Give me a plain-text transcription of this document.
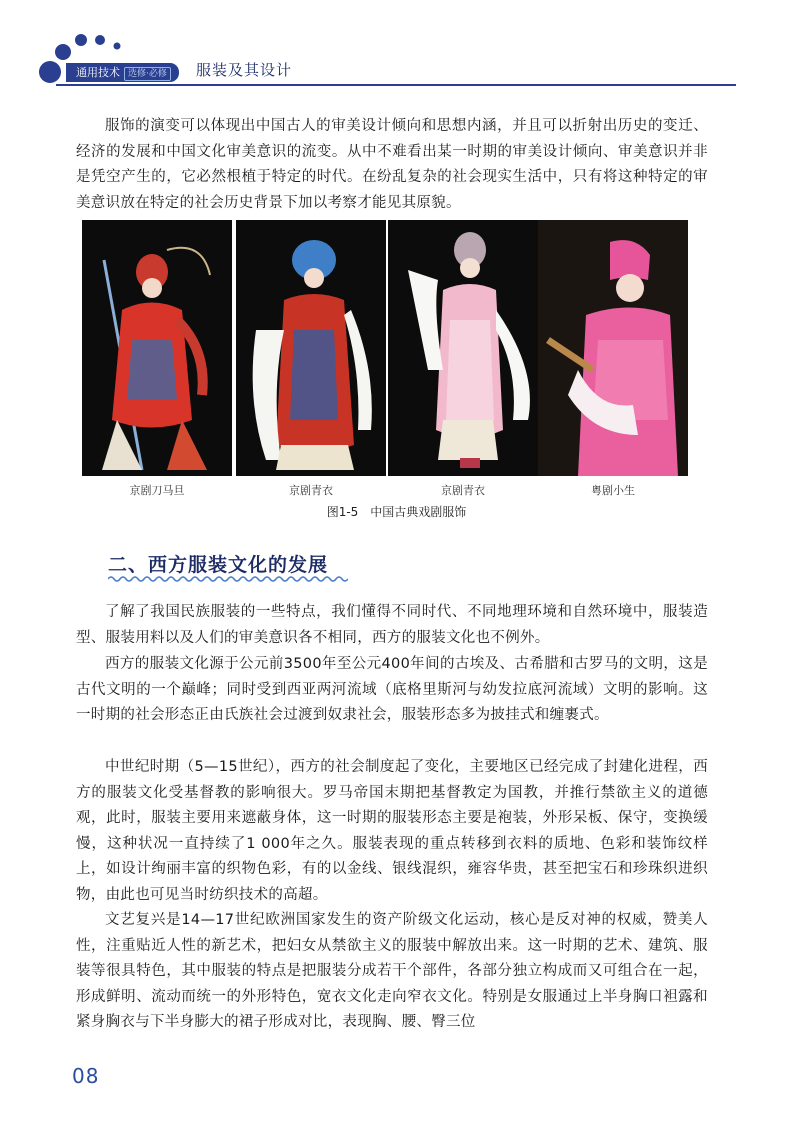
通用技术 选修·必修	服装及其设计

服饰的演变可以体现出中国古人的审美设计倾向和思想内涵，并且可以折射出历史的变迁、经济的发展和中国文化审美意识的流变。从中不难看出某一时期的审美设计倾向、审美意识并非是凭空产生的，它必然根植于特定的时代。在纷乱复杂的社会现实生活中，只有将这种特定的审美意识放在特定的社会历史背景下加以考察才能见其原貌。

京剧刀马旦	京剧青衣	京剧青衣	粤剧小生
图1-5　中国古典戏剧服饰
二、西方服装文化的发展

了解了我国民族服装的一些特点，我们懂得不同时代、不同地理环境和自然环境中，服装造型、服装用料以及人们的审美意识各不相同，西方的服装文化也不例外。

西方的服装文化源于公元前3500年至公元400年间的古埃及、古希腊和古罗马的文明，这是古代文明的一个巅峰；同时受到西亚两河流域（底格里斯河与幼发拉底河流域）文明的影响。这一时期的社会形态正由氏族社会过渡到奴隶社会，服装形态多为披挂式和缠裹式。

中世纪时期（5—15世纪），西方的社会制度起了变化，主要地区已经完成了封建化进程，西方的服装文化受基督教的影响很大。罗马帝国末期把基督教定为国教，并推行禁欲主义的道德观，此时，服装主要用来遮蔽身体，这一时期的服装形态主要是袍装，外形呆板、保守，变换缓慢，这种状况一直持续了1 000年之久。服装表现的重点转移到衣料的质地、色彩和装饰纹样上，如设计绚丽丰富的织物色彩，有的以金线、银线混织，雍容华贵，甚至把宝石和珍珠织进织物，由此也可见当时纺织技术的高超。

文艺复兴是14—17世纪欧洲国家发生的资产阶级文化运动，核心是反对神的权威，赞美人性，注重贴近人性的新艺术，把妇女从禁欲主义的服装中解放出来。这一时期的艺术、建筑、服装等很具特色，其中服装的特点是把服装分成若干个部件，各部分独立构成而又可组合在一起，形成鲜明、流动而统一的外形特色，宽衣文化走向窄衣文化。特别是女服通过上半身胸口袒露和紧身胸衣与下半身膨大的裙子形成对比，表现胸、腰、臀三位

08
